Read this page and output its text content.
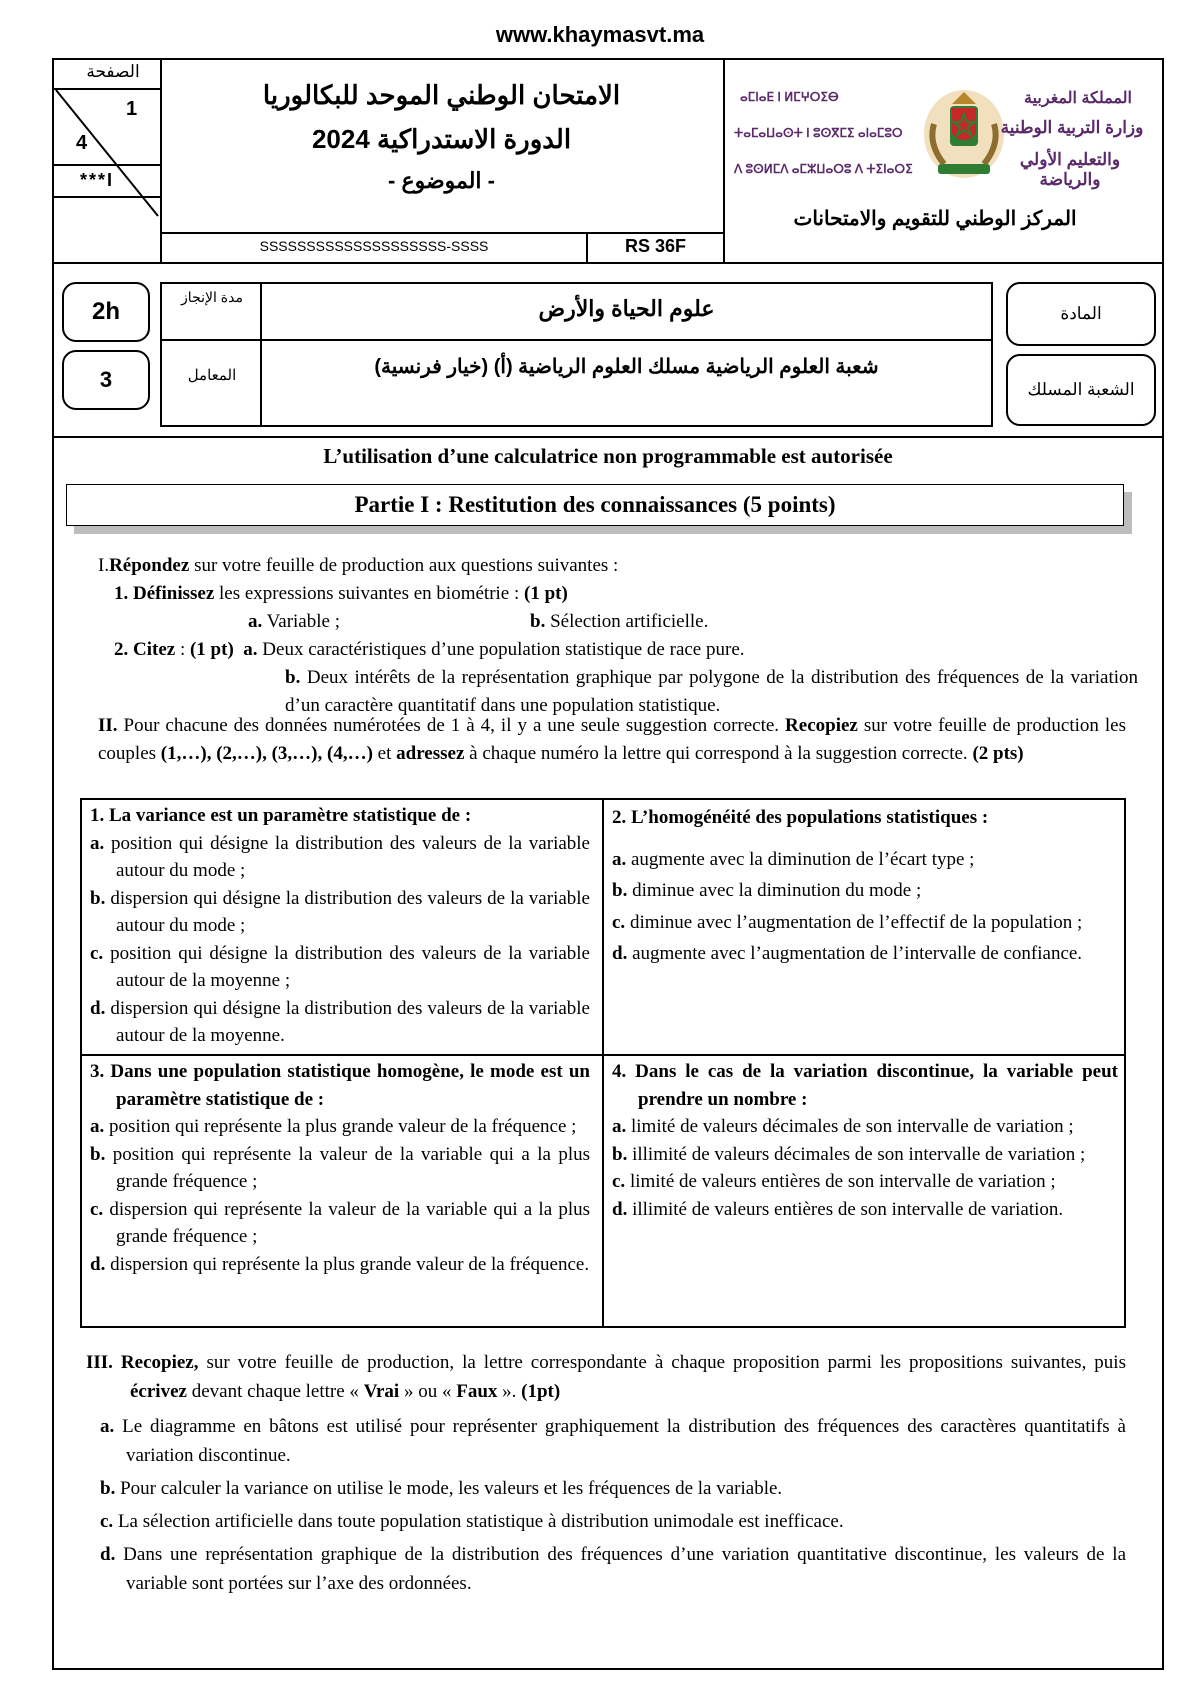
www.khaymasvt.ma
الصفحة
1
4
***I
الامتحان الوطني الموحد للبكالوريا
الدورة الاستدراكية 2024
- الموضوع -
SSSSSSSSSSSSSSSSSSSS-SSSS	RS 36F
ⴰⵎⵏⴰⴹ ⵏ ⵍⵎⵖⵔⵉⴱ
ⵜⴰⵎⴰⵡⴰⵙⵜ ⵏ ⵓⵙⴳⵎⵉ ⴰⵏⴰⵎⵓⵔ
ⴷ ⵓⵙⵍⵎⴷ ⴰⵎⵣⵡⴰⵔⵓ ⴷ ⵜⵉⵏⴰⵔⵉ
المملكة المغربية
وزارة التربية الوطنية
والتعليم الأولي والرياضة
المركز الوطني للتقويم والامتحانات
2h
3
مدة الإنجاز
المعامل
علوم الحياة والأرض
شعبة العلوم الرياضية مسلك العلوم الرياضية (أ) (خيار فرنسية)
المادة
الشعبة المسلك
L’utilisation d’une calculatrice non programmable est autorisée
Partie I : Restitution des connaissances (5 points)

I.Répondez sur votre feuille de production aux questions suivantes :

1. Définissez les expressions suivantes en biométrie : (1 pt)

a. Variable ;	b. Sélection artificielle.

2. Citez : (1 pt) a. Deux caractéristiques d’une population statistique de race pure.

b. Deux intérêts de la représentation graphique par polygone de la distribution des fréquences de la variation d’un caractère quantitatif dans une population statistique.

II. Pour chacune des données numérotées de 1 à 4, il y a une seule suggestion correcte. Recopiez sur votre feuille de production les couples (1,…), (2,…), (3,…), (4,…) et adressez à chaque numéro la lettre qui correspond à la suggestion correcte. (2 pts)

1. La variance est un paramètre statistique de :

a. position qui désigne la distribution des valeurs de la variable autour du mode ;

b. dispersion qui désigne la distribution des valeurs de la variable autour du mode ;

c. position qui désigne la distribution des valeurs de la variable autour de la moyenne ;

d. dispersion qui désigne la distribution des valeurs de la variable autour de la moyenne.

2. L’homogénéité des populations statistiques :

a. augmente avec la diminution de l’écart type ;

b. diminue avec la diminution du mode ;

c. diminue avec l’augmentation de l’effectif de la population ;

d. augmente avec l’augmentation de l’intervalle de confiance.

3. Dans une population statistique homogène, le mode est un paramètre statistique de :

a. position qui représente la plus grande valeur de la fréquence ;

b. position qui représente la valeur de la variable qui a la plus grande fréquence ;

c. dispersion qui représente la valeur de la variable qui a la plus grande fréquence ;

d. dispersion qui représente la plus grande valeur de la fréquence.

4. Dans le cas de la variation discontinue, la variable peut prendre un nombre :

a. limité de valeurs décimales de son intervalle de variation ;

b. illimité de valeurs décimales de son intervalle de variation ;

c. limité de valeurs entières de son intervalle de variation ;

d. illimité de valeurs entières de son intervalle de variation.

III. Recopiez, sur votre feuille de production, la lettre correspondante à chaque proposition parmi les propositions suivantes, puis écrivez devant chaque lettre « Vrai » ou « Faux ». (1pt)

a. Le diagramme en bâtons est utilisé pour représenter graphiquement la distribution des fréquences des caractères quantitatifs à variation discontinue.

b. Pour calculer la variance on utilise le mode, les valeurs et les fréquences de la variable.

c. La sélection artificielle dans toute population statistique à distribution unimodale est inefficace.

d. Dans une représentation graphique de la distribution des fréquences d’une variation quantitative discontinue, les valeurs de la variable sont portées sur l’axe des ordonnées.
